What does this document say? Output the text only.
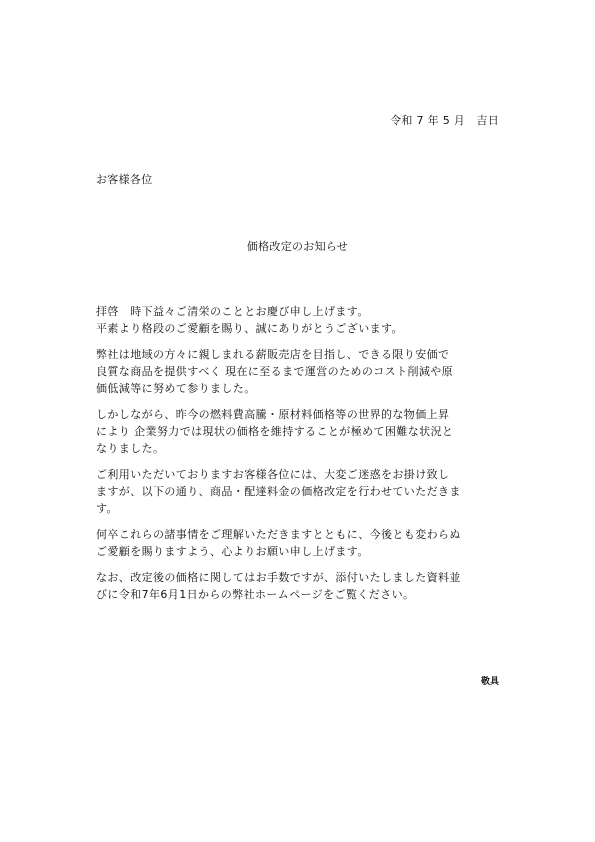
令和 7 年 5 月　吉日
お客様各位
価格改定のお知らせ
拝啓　時下益々ご清栄のこととお慶び申し上げます。
平素より格段のご愛顧を賜り、誠にありがとうございます。
弊社は地域の方々に親しまれる薪販売店を目指し、できる限り安価で
良質な商品を提供すべく 現在に至るまで運営のためのコスト削減や原
価低減等に努めて参りました。
しかしながら、昨今の燃料費高騰・原材料価格等の世界的な物価上昇
により 企業努力では現状の価格を維持することが極めて困難な状況と
なりました。
ご利用いただいておりますお客様各位には、大変ご迷惑をお掛け致し
ますが、以下の通り、商品・配達料金の価格改定を行わせていただきま
す。
何卒これらの諸事情をご理解いただきますとともに、今後とも変わらぬ
ご愛顧を賜りますよう、心よりお願い申し上げます。
なお、改定後の価格に関してはお手数ですが、添付いたしました資料並
びに令和7年6月1日からの弊社ホームページをご覧ください。
敬具
